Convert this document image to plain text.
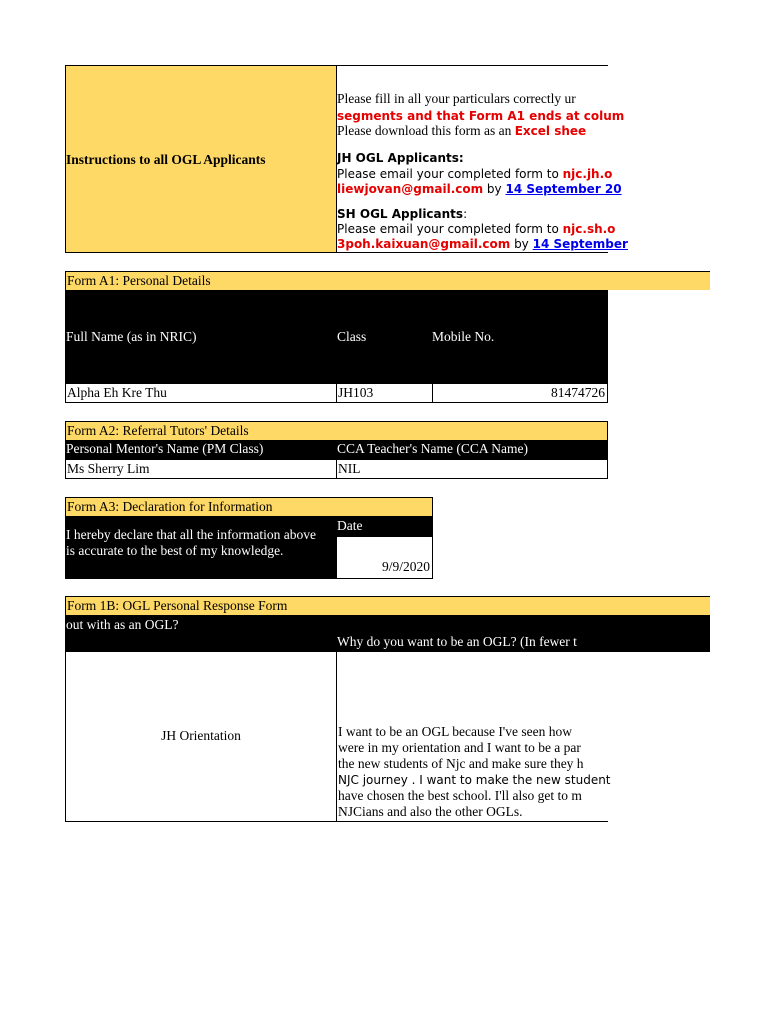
Instructions to all OGL Applicants
Please fill in all your particulars correctly ur
segments and that Form A1 ends at colum
Please download this form as an Excel shee
JH OGL Applicants:
Please email your completed form to njc.jh.o
liewjovan@gmail.com by 14 September 20
SH OGL Applicants:
Please email your completed form to njc.sh.o
3poh.kaixuan@gmail.com by 14 September
Form A1: Personal Details
Full Name (as in NRIC)	Class	Mobile No.
Alpha Eh Kre Thu	JH103	81474726
Form A2: Referral Tutors' Details
Personal Mentor's Name (PM Class)	CCA Teacher's Name (CCA Name)
Ms Sherry Lim	NIL
Form A3: Declaration for Information
I hereby declare that all the information above is accurate to the best of my knowledge.
Date
9/9/2020
Form 1B: OGL Personal Response Form
out with as an OGL?
Why do you want to be an OGL? (In fewer t
JH Orientation	I want to be an OGL because I've seen how
were in my orientation and I want to be a par
the new students of Njc and make sure they h
NJC journey . I want to make the new student
have chosen the best school. I'll also get to m
NJCians and also the other OGLs.
